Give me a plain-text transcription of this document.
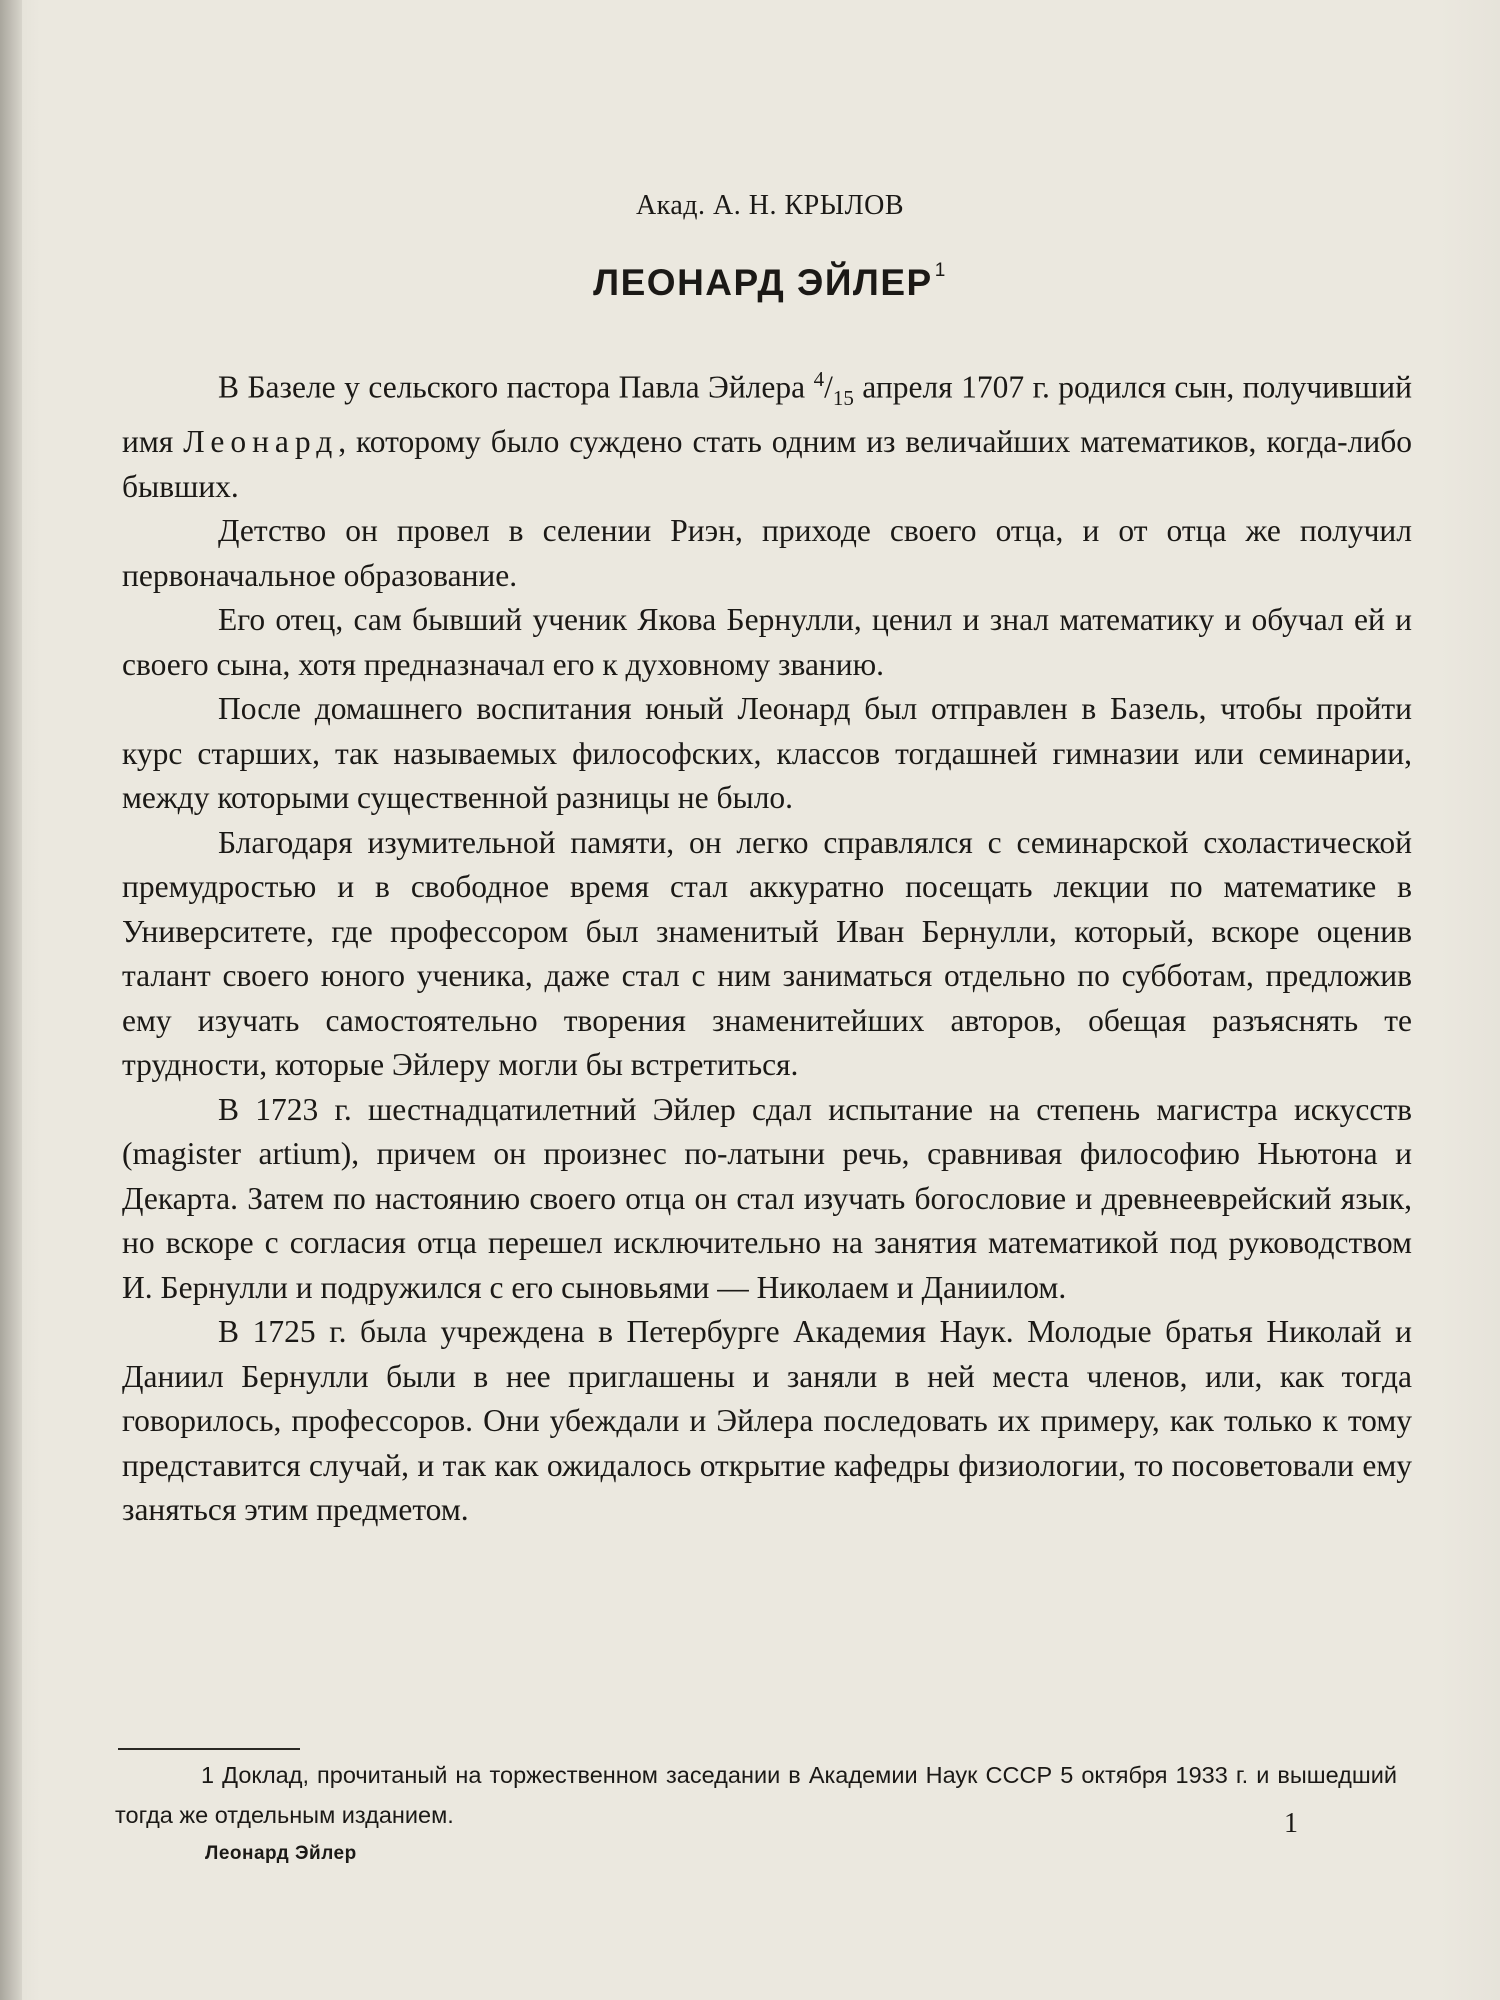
Акад. А. Н. КРЫЛОВ
ЛЕОНАРД ЭЙЛЕР $^1$

В Базеле у сельского пастора Павла Эйлера $^4/_{15}$ апреля 1707 г. родился сын, получивший имя Леонард, которому было суждено стать одним из величайших математиков, когда-либо бывших.

Детство он провел в селении Риэн, приходе своего отца, и от отца же получил первоначальное образование.

Его отец, сам бывший ученик Якова Бернулли, ценил и знал математику и обучал ей и своего сына, хотя предназначал его к духовному званию.

После домашнего воспитания юный Леонард был отправлен в Базель, чтобы пройти курс старших, так называемых философских, классов тогдашней гимназии или семинарии, между которыми существенной разницы не было.

Благодаря изумительной памяти, он легко справлялся с семинарской схоластической премудростью и в свободное время стал аккуратно посещать лекции по математике в Университете, где профессором был знаменитый Иван Бернулли, который, вскоре оценив талант своего юного ученика, даже стал с ним заниматься отдельно по субботам, предложив ему изучать самостоятельно творения знаменитейших авторов, обещая разъяснять те трудности, которые Эйлеру могли бы встретиться.

В 1723 г. шестнадцатилетний Эйлер сдал испытание на степень магистра искусств (magister artium), причем он произнес по-латыни речь, сравнивая философию Ньютона и Декарта. Затем по настоянию своего отца он стал изучать богословие и древнееврейский язык, но вскоре с согласия отца перешел исключительно на занятия математикой под руководством И. Бернулли и подружился с его сыновьями — Николаем и Даниилом.

В 1725 г. была учреждена в Петербурге Академия Наук. Молодые братья Николай и Даниил Бернулли были в нее приглашены и заняли в ней места членов, или, как тогда говорилось, профессоров. Они убеждали и Эйлера последовать их примеру, как только к тому представится случай, и так как ожидалось открытие кафедры физиологии, то посоветовали ему заняться этим предметом.

1 Доклад, прочитаный на торжественном заседании в Академии Наук СССР 5 октября 1933 г. и вышедший тогда же отдельным изданием.
Леонард Эйлер
1
